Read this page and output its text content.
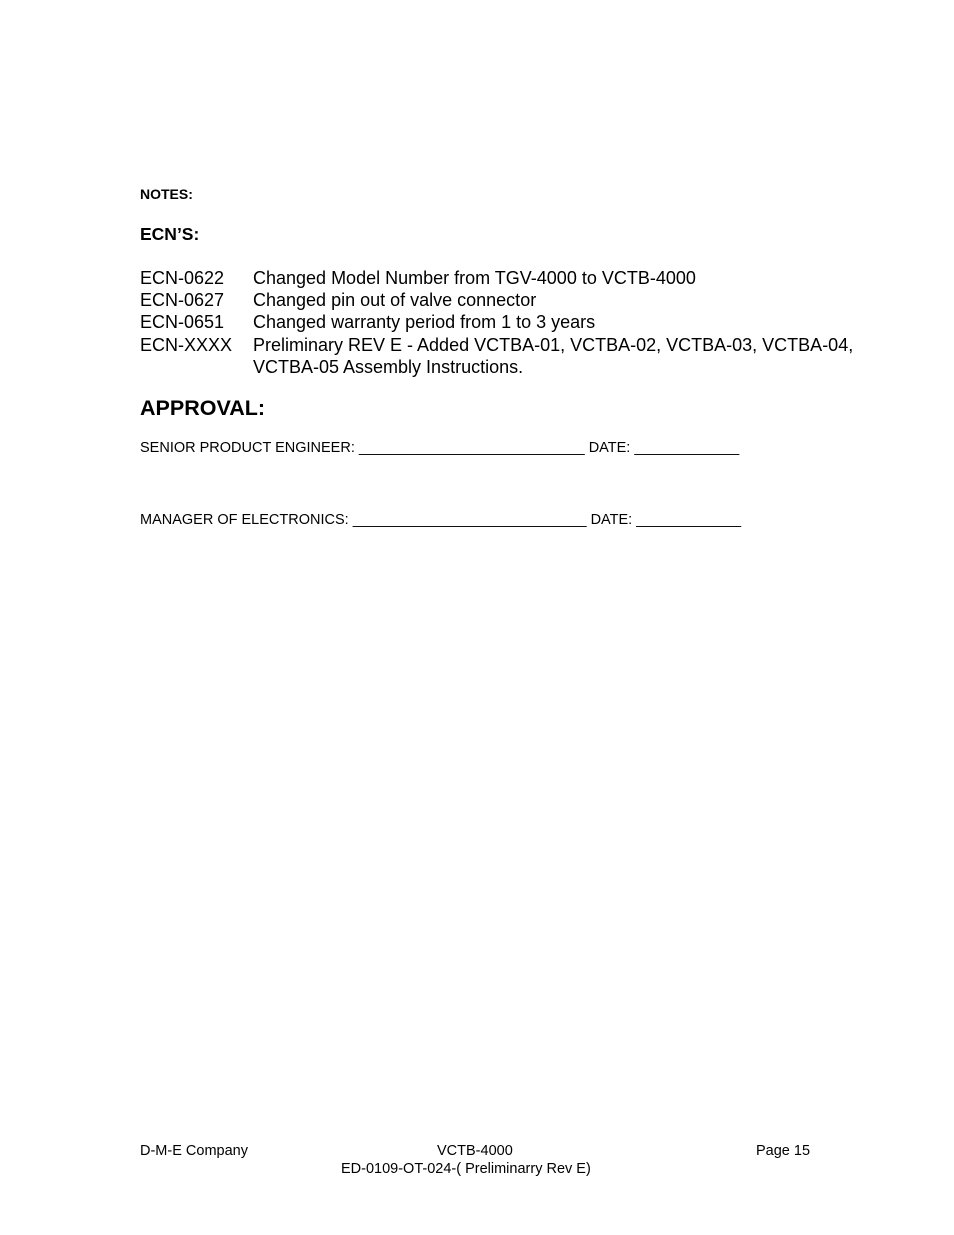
NOTES:
ECN’S:
ECN-0622 Changed Model Number from TGV-4000 to VCTB-4000
ECN-0627 Changed pin out of valve connector
ECN-0651 Changed warranty period from 1 to 3 years
ECN-XXXX Preliminary REV E - Added VCTBA-01, VCTBA-02, VCTBA-03, VCTBA-04, VCTBA-05 Assembly Instructions.
APPROVAL:
SENIOR PRODUCT ENGINEER: ____________________________ DATE: _____________
MANAGER OF ELECTRONICS: _____________________________ DATE: _____________
D-M-E Company	VCTB-4000	Page 15
ED-0109-OT-024-( Preliminarry Rev E)
